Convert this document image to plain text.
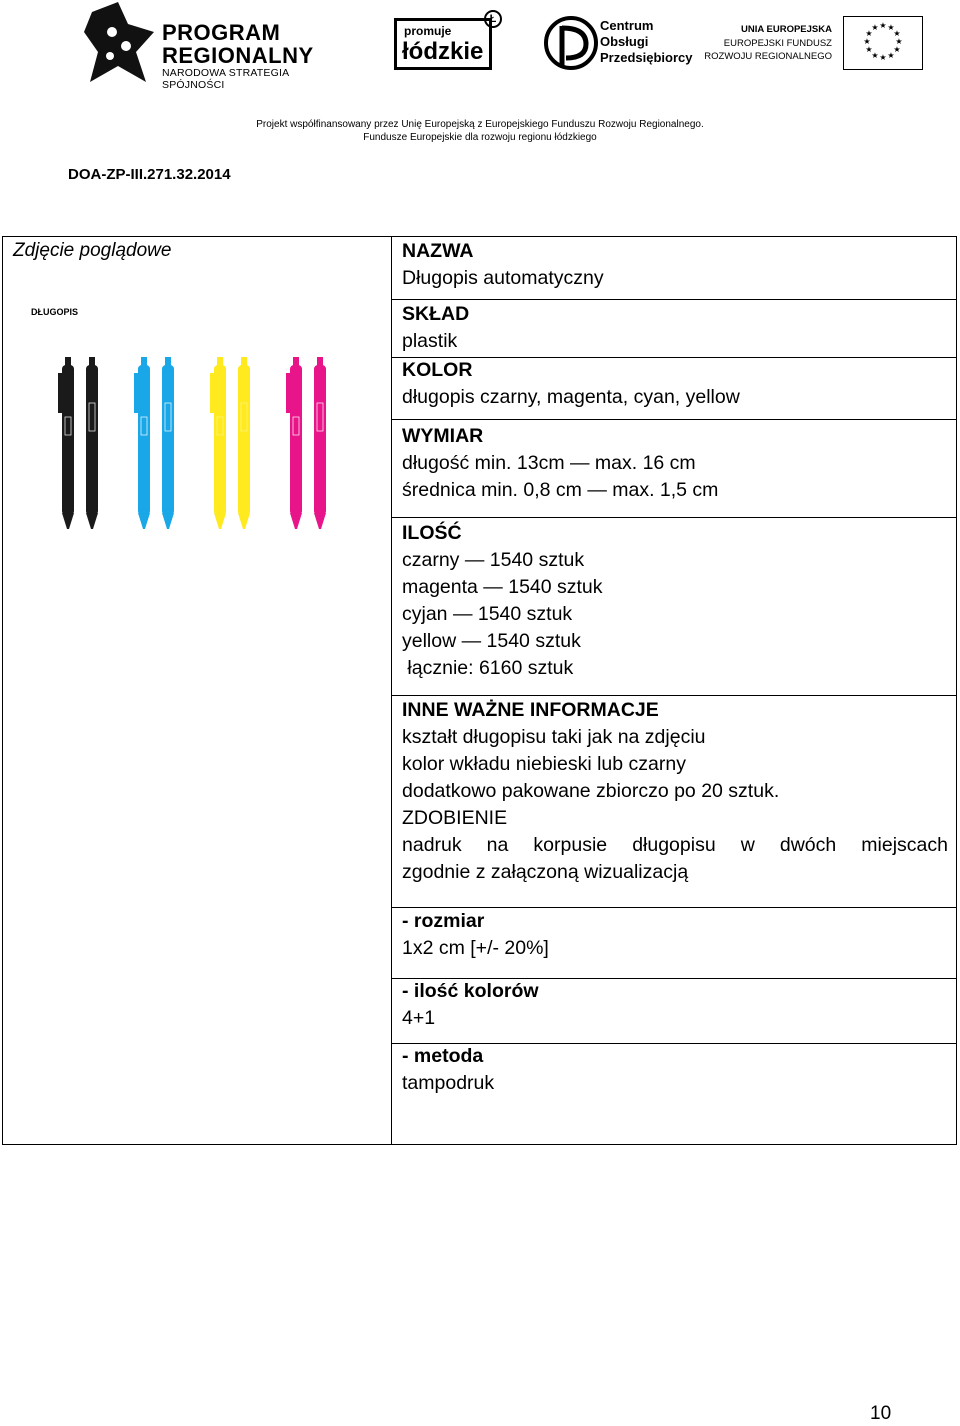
PROGRAM
REGIONALNY
NARODOWA STRATEGIA SPÓJNOŚCI
promuje
łódzkie
Ł	Centrum
Obsługi
Przedsiębiorcy
UNIA EUROPEJSKA
EUROPEJSKI FUNDUSZ
ROZWOJU REGIONALNEGO
★ ★
★
★
★
★
★
★
★
★
★
★
Projekt współfinansowany przez Unię Europejską z Europejskiego Funduszu Rozwoju Regionalnego.
Fundusze Europejskie dla rozwoju regionu łódzkiego
DOA-ZP-III.271.32.2014
Zdjęcie poglądowe
DŁUGOPIS
NAZWA
Długopis automatyczny
SKŁAD
plastik
KOLOR
długopis czarny, magenta, cyan, yellow
WYMIAR
długość min. 13cm — max. 16 cm
średnica min. 0,8 cm — max. 1,5 cm
ILOŚĆ
czarny — 1540 sztuk
magenta — 1540 sztuk
cyjan — 1540 sztuk
yellow — 1540 sztuk
łącznie: 6160 sztuk
INNE WAŻNE INFORMACJE
kształt długopisu taki jak na zdjęciu
kolor wkładu niebieski lub czarny
dodatkowo pakowane zbiorczo po 20 sztuk.
ZDOBIENIE
nadruk na korpusie długopisu w dwóch miejscach
zgodnie z załączoną wizualizacją
- rozmiar
1x2 cm [+/- 20%]
- ilość kolorów
4+1
- metoda
tampodruk
10
